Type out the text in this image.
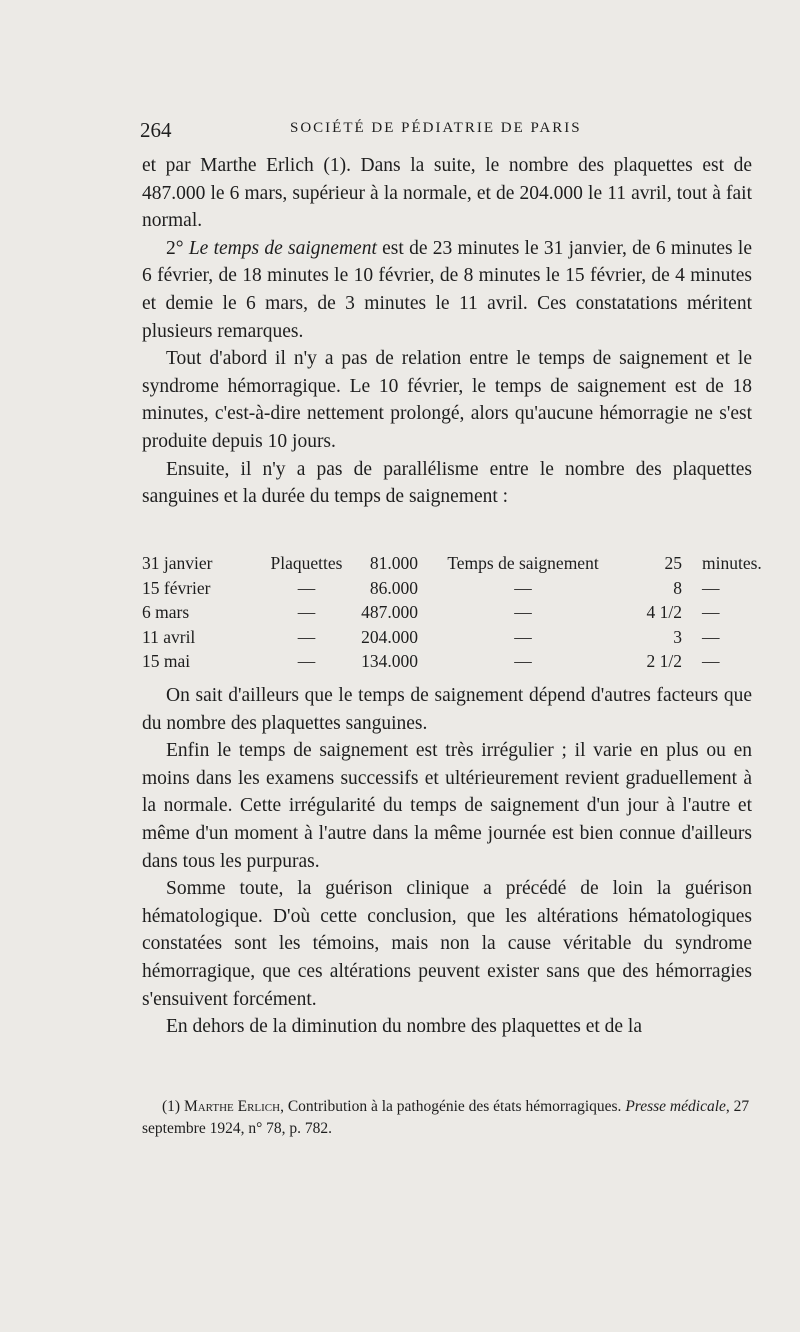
264	SOCIÉTÉ DE PÉDIATRIE DE PARIS

et par Marthe Erlich (1). Dans la suite, le nombre des plaquettes est de 487.000 le 6 mars, supérieur à la normale, et de 204.000 le 11 avril, tout à fait normal.

2° Le temps de saignement est de 23 minutes le 31 janvier, de 6 minutes le 6 février, de 18 minutes le 10 février, de 8 minutes le 15 février, de 4 minutes et demie le 6 mars, de 3 minutes le 11 avril. Ces constatations méritent plusieurs remarques.

Tout d'abord il n'y a pas de relation entre le temps de saignement et le syndrome hémorragique. Le 10 février, le temps de saignement est de 18 minutes, c'est-à-dire nettement prolongé, alors qu'aucune hémorragie ne s'est produite depuis 10 jours.

Ensuite, il n'y a pas de parallélisme entre le nombre des plaquettes sanguines et la durée du temps de saignement :

31 janvier	Plaquettes	81.000	Temps de saignement	25 minutes.
15 février	—	86.000	—	8 —
6 mars	—	487.000	—	4 1/2 —
11 avril	—	204.000	—	3 —
15 mai	—	134.000	—	2 1/2 —

On sait d'ailleurs que le temps de saignement dépend d'autres facteurs que du nombre des plaquettes sanguines.

Enfin le temps de saignement est très irrégulier ; il varie en plus ou en moins dans les examens successifs et ultérieurement revient graduellement à la normale. Cette irrégularité du temps de saignement d'un jour à l'autre et même d'un moment à l'autre dans la même journée est bien connue d'ailleurs dans tous les purpuras.

Somme toute, la guérison clinique a précédé de loin la guérison hématologique. D'où cette conclusion, que les altérations hématologiques constatées sont les témoins, mais non la cause véritable du syndrome hémorragique, que ces altérations peuvent exister sans que des hémorragies s'ensuivent forcément.

En dehors de la diminution du nombre des plaquettes et de la

(1) Marthe Erlich, Contribution à la pathogénie des états hémorragiques. Presse médicale, 27 septembre 1924, n° 78, p. 782.
